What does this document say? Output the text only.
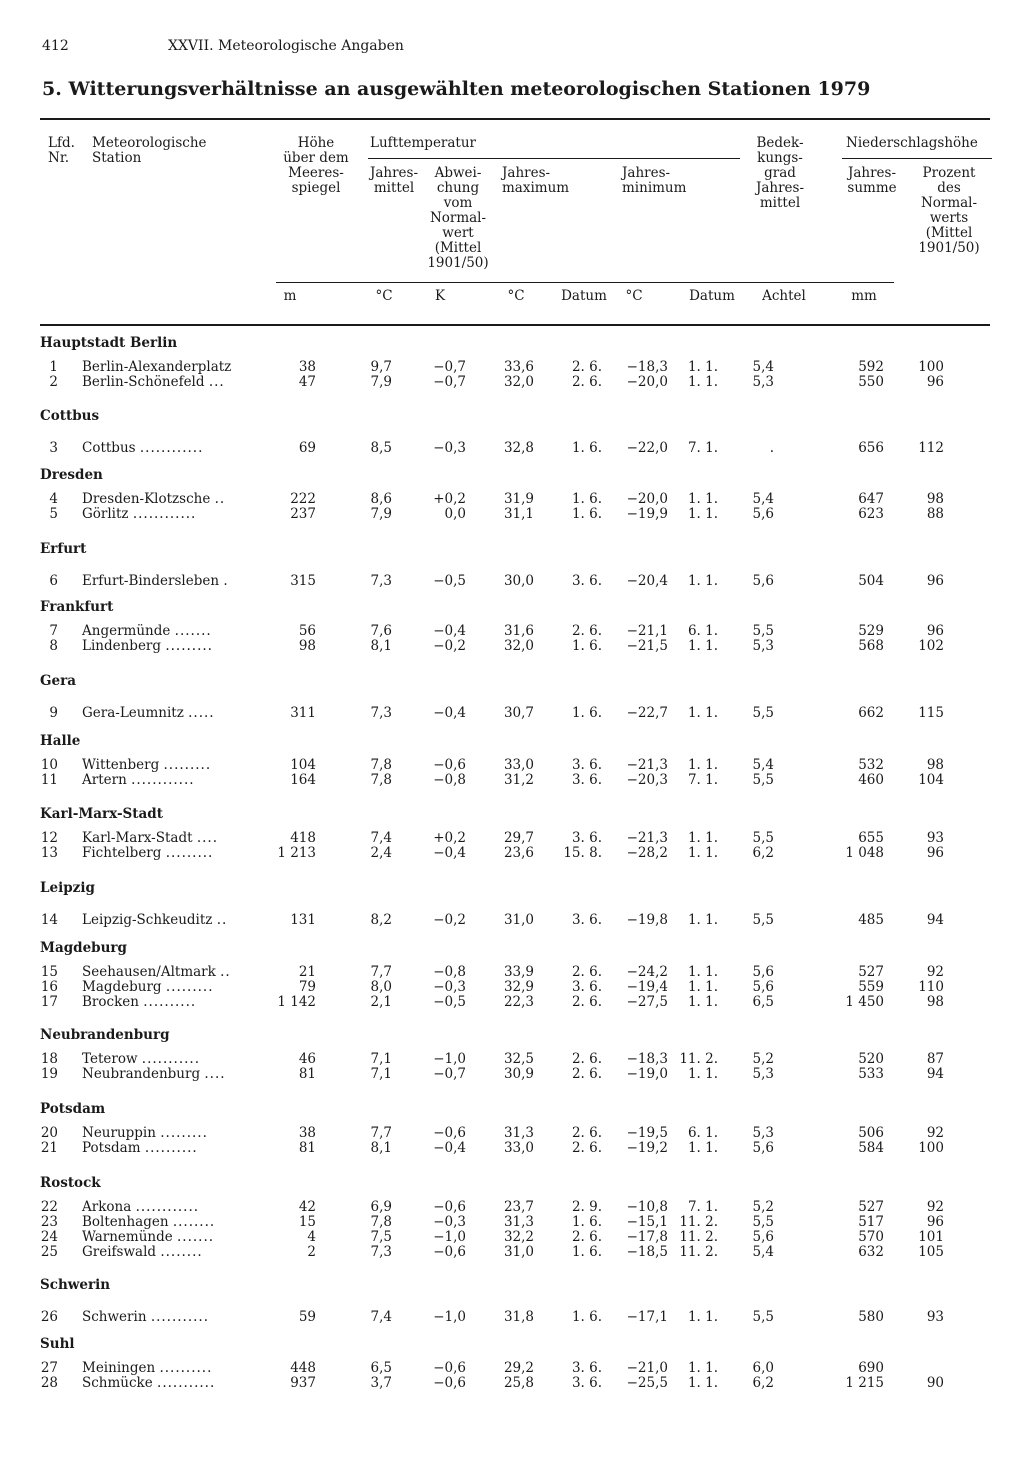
412	XXVII. Meteorologische Angaben
5. Witterungsverhältnisse an ausgewählten meteorologischen Stationen 1979
Lfd.
Nr.
Meteorologische
Station
Höhe
über dem
Meeres-
spiegel
Lufttemperatur
Jahres-
mittel
Abwei-
chung
vom
Normal-
wert
(Mittel
1901/50)
Jahres-
maximum
Jahres-
minimum
Bedek-
kungs-
grad
Jahres-
mittel
Niederschlagshöhe
Jahres-
summe
Prozent
des
Normal-
werts
(Mittel
1901/50)
m	°C	K	°C	Datum	°C	Datum	Achtel	mm
Hauptstadt Berlin
1 Berlin-Alexanderplatz	38	9,7	−0,7	33,6	2. 6.	−18,3	1. 1.	5,4	592	100
2 Berlin-Schönefeld ...	47	7,9	−0,7	32,0	2. 6.	−20,0	1. 1.	5,3	550	96
Cottbus
3 Cottbus ............	69	8,5	−0,3	32,8	1. 6.	−22,0	7. 1.	.	656	112
Dresden
4 Dresden-Klotzsche ..	222	8,6	+0,2	31,9	1. 6.	−20,0	1. 1.	5,4	647	98
5 Görlitz ............	237	7,9	0,0	31,1	1. 6.	−19,9	1. 1.	5,6	623	88
Erfurt
6 Erfurt-Bindersleben .	315	7,3	−0,5	30,0	3. 6.	−20,4	1. 1.	5,6	504	96
Frankfurt
7 Angermünde .......	56	7,6	−0,4	31,6	2. 6.	−21,1	6. 1.	5,5	529	96
8 Lindenberg .........	98	8,1	−0,2	32,0	1. 6.	−21,5	1. 1.	5,3	568	102
Gera
9 Gera-Leumnitz .....	311	7,3	−0,4	30,7	1. 6.	−22,7	1. 1.	5,5	662	115
Halle
10 Wittenberg .........	104	7,8	−0,6	33,0	3. 6.	−21,3	1. 1.	5,4	532	98
11 Artern ............	164	7,8	−0,8	31,2	3. 6.	−20,3	7. 1.	5,5	460	104
Karl-Marx-Stadt
12 Karl-Marx-Stadt ....	418	7,4	+0,2	29,7	3. 6.	−21,3	1. 1.	5,5	655	93
13 Fichtelberg .........	1 213	2,4	−0,4	23,6	15. 8.	−28,2	1. 1.	6,2	1 048	96
Leipzig
14 Leipzig-Schkeuditz ..	131	8,2	−0,2	31,0	3. 6.	−19,8	1. 1.	5,5	485	94
Magdeburg
15 Seehausen/Altmark ..	21	7,7	−0,8	33,9	2. 6.	−24,2	1. 1.	5,6	527	92
16 Magdeburg .........	79	8,0	−0,3	32,9	3. 6.	−19,4	1. 1.	5,6	559	110
17 Brocken ..........	1 142	2,1	−0,5	22,3	2. 6.	−27,5	1. 1.	6,5	1 450	98
Neubrandenburg
18 Teterow ...........	46	7,1	−1,0	32,5	2. 6.	−18,3 11. 2.	5,2	520	87
19 Neubrandenburg ....	81	7,1	−0,7	30,9	2. 6.	−19,0	1. 1.	5,3	533	94
Potsdam
20 Neuruppin .........	38	7,7	−0,6	31,3	2. 6.	−19,5	6. 1.	5,3	506	92
21 Potsdam ..........	81	8,1	−0,4	33,0	2. 6.	−19,2	1. 1.	5,6	584	100
Rostock
22 Arkona ............	42	6,9	−0,6	23,7	2. 9.	−10,8	7. 1.	5,2	527	92
23 Boltenhagen ........	15	7,8	−0,3	31,3	1. 6.	−15,1 11. 2.	5,5	517	96
24 Warnemünde .......	4	7,5	−1,0	32,2	2. 6.	−17,8 11. 2.	5,6	570	101
25 Greifswald ........	2	7,3	−0,6	31,0	1. 6.	−18,5 11. 2.	5,4	632	105
Schwerin
26 Schwerin ...........	59	7,4	−1,0	31,8	1. 6.	−17,1	1. 1.	5,5	580	93
Suhl
27 Meiningen ..........	448	6,5	−0,6	29,2	3. 6.	−21,0	1. 1.	6,0	690
28 Schmücke ...........	937	3,7	−0,6	25,8	3. 6.	−25,5	1. 1.	6,2	1 215	90
